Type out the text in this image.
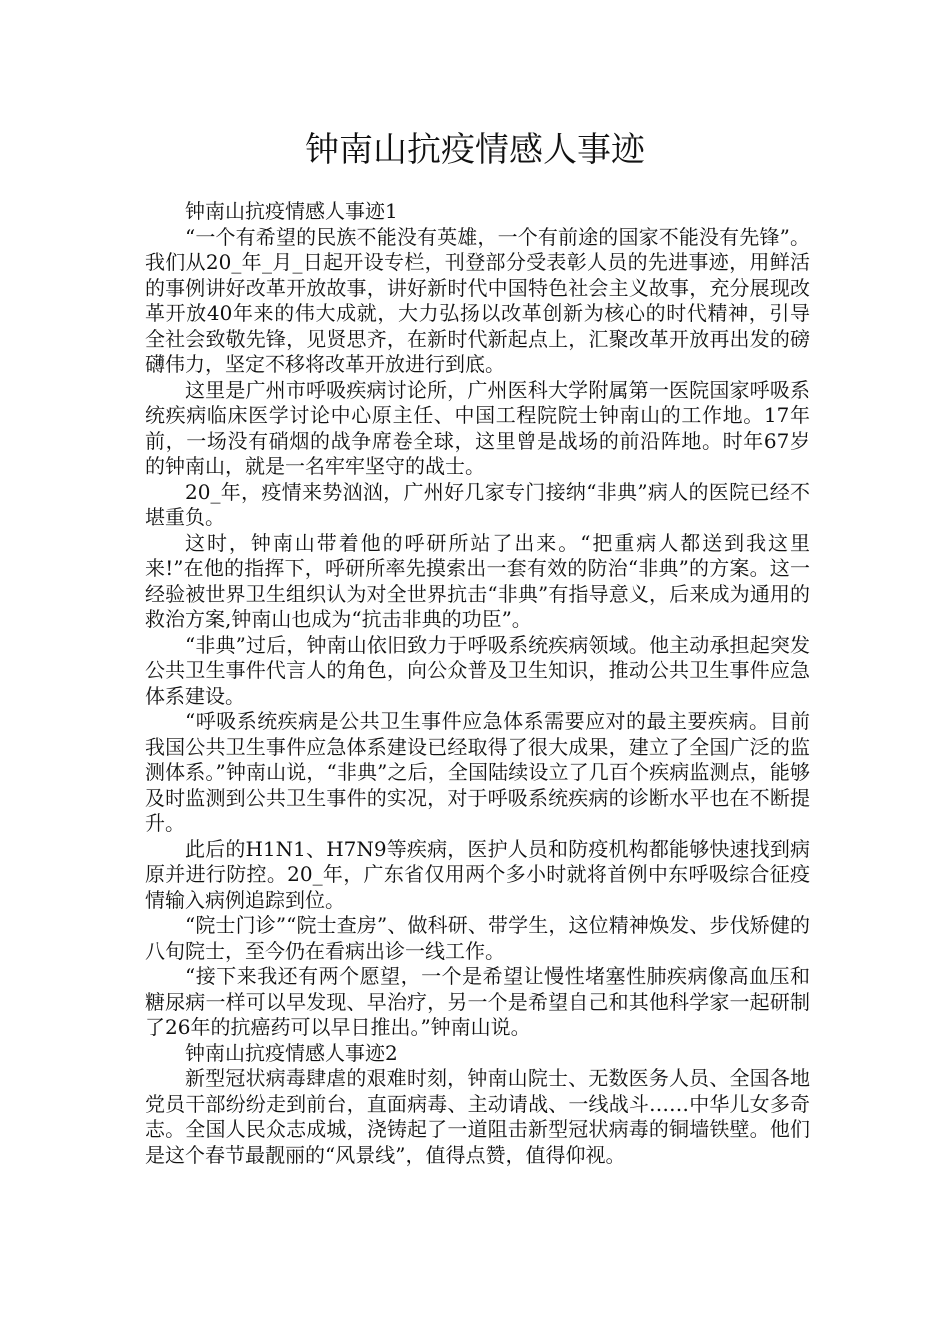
钟南山抗疫情感人事迹

钟南山抗疫情感人事迹1

“一个有希望的民族不能没有英雄，一个有前途的国家不能没有先锋”。我们从20_年_月_日起开设专栏，刊登部分受表彰人员的先进事迹，用鲜活的事例讲好改革开放故事，讲好新时代中国特色社会主义故事，充分展现改革开放40年来的伟大成就，大力弘扬以改革创新为核心的时代精神，引导全社会致敬先锋，见贤思齐，在新时代新起点上，汇聚改革开放再出发的磅礴伟力，坚定不移将改革开放进行到底。

这里是广州市呼吸疾病讨论所，广州医科大学附属第一医院国家呼吸系统疾病临床医学讨论中心原主任、中国工程院院士钟南山的工作地。17年前，一场没有硝烟的战争席卷全球，这里曾是战场的前沿阵地。时年67岁的钟南山，就是一名牢牢坚守的战士。

20_年，疫情来势汹汹，广州好几家专门接纳“非典”病人的医院已经不堪重负。

这时，钟南山带着他的呼研所站了出来。“把重病人都送到我这里来!”在他的指挥下，呼研所率先摸索出一套有效的防治“非典”的方案。这一经验被世界卫生组织认为对全世界抗击“非典”有指导意义，后来成为通用的救治方案,钟南山也成为“抗击非典的功臣”。

“非典”过后，钟南山依旧致力于呼吸系统疾病领域。他主动承担起突发公共卫生事件代言人的角色，向公众普及卫生知识，推动公共卫生事件应急体系建设。

“呼吸系统疾病是公共卫生事件应急体系需要应对的最主要疾病。目前我国公共卫生事件应急体系建设已经取得了很大成果，建立了全国广泛的监测体系。”钟南山说，“非典”之后，全国陆续设立了几百个疾病监测点，能够及时监测到公共卫生事件的实况，对于呼吸系统疾病的诊断水平也在不断提升。

此后的H1N1、H7N9等疾病，医护人员和防疫机构都能够快速找到病原并进行防控。20_年，广东省仅用两个多小时就将首例中东呼吸综合征疫情输入病例追踪到位。

“院士门诊”“院士查房”、做科研、带学生，这位精神焕发、步伐矫健的八旬院士，至今仍在看病出诊一线工作。

“接下来我还有两个愿望，一个是希望让慢性堵塞性肺疾病像高血压和糖尿病一样可以早发现、早治疗，另一个是希望自己和其他科学家一起研制了26年的抗癌药可以早日推出。”钟南山说。

钟南山抗疫情感人事迹2

新型冠状病毒肆虐的艰难时刻，钟南山院士、无数医务人员、全国各地党员干部纷纷走到前台，直面病毒、主动请战、一线战斗……中华儿女多奇志。全国人民众志成城，浇铸起了一道阻击新型冠状病毒的铜墙铁壁。他们是这个春节最靓丽的“风景线”，值得点赞，值得仰视。
